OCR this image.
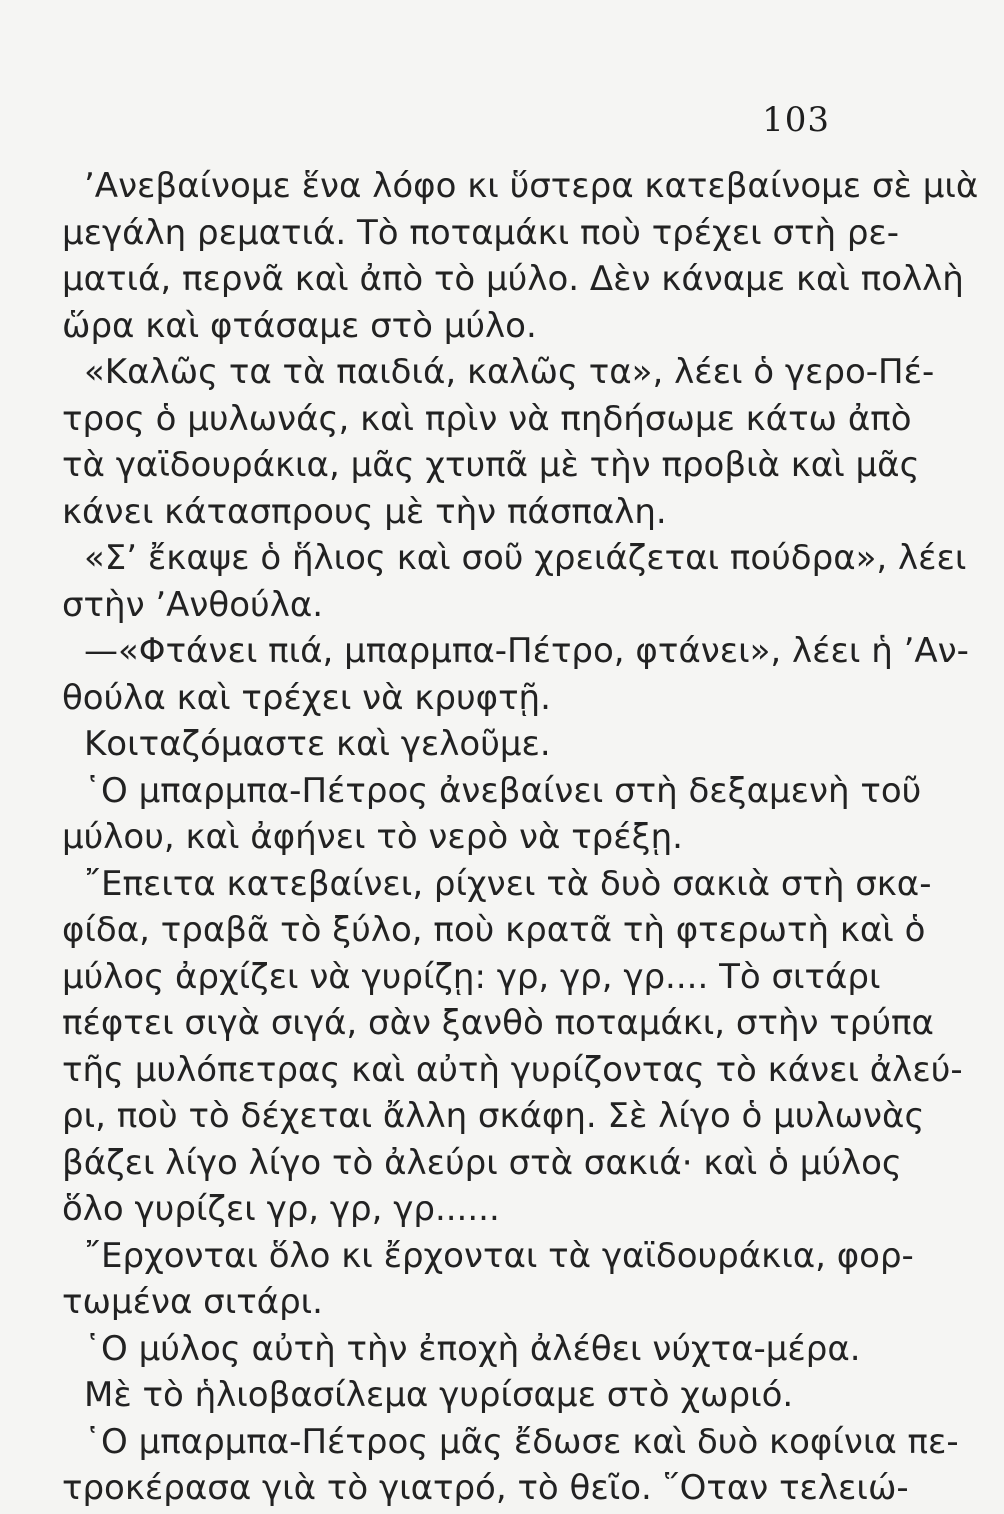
103
ʼΑνεβαίνομε ἕνα λόφο κι ὕστερα κατεβαίνομε σὲ μιὰ
μεγάλη ρεματιά. Τὸ ποταμάκι ποὺ τρέχει στὴ ρε-
ματιά, περνᾶ καὶ ἀπὸ τὸ μύλο. Δὲν κάναμε καὶ πολλὴ
ὥρα καὶ φτάσαμε στὸ μύλο.
«Καλῶς τα τὰ παιδιά, καλῶς τα», λέει ὁ γερο-Πέ-
τρος ὁ μυλωνάς, καὶ πρὶν νὰ πηδήσωμε κάτω ἀπὸ
τὰ γαϊδουράκια, μᾶς χτυπᾶ μὲ τὴν προβιὰ καὶ μᾶς
κάνει κάτασπρους μὲ τὴν πάσπαλη.
«Σʼ ἔκαψε ὁ ἥλιος καὶ σοῦ χρειάζεται πούδρα», λέει
στὴν ʼΑνθούλα.
—«Φτάνει πιά, μπαρμπα-Πέτρο, φτάνει», λέει ἡ ʼΑν-
θούλα καὶ τρέχει νὰ κρυφτῇ.
Κοιταζόμαστε καὶ γελοῦμε.
῾Ο μπαρμπα-Πέτρος ἀνεβαίνει στὴ δεξαμενὴ τοῦ
μύλου, καὶ ἀφήνει τὸ νερὸ νὰ τρέξῃ.
῎Επειτα κατεβαίνει, ρίχνει τὰ δυὸ σακιὰ στὴ σκα-
φίδα, τραβᾶ τὸ ξύλο, ποὺ κρατᾶ τὴ φτερωτὴ καὶ ὁ
μύλος ἀρχίζει νὰ γυρίζῃ: γρ, γρ, γρ.... Τὸ σιτάρι
πέφτει σιγὰ σιγά, σὰν ξανθὸ ποταμάκι, στὴν τρύπα
τῆς μυλόπετρας καὶ αὐτὴ γυρίζοντας τὸ κάνει ἀλεύ-
ρι, ποὺ τὸ δέχεται ἄλλη σκάφη. Σὲ λίγο ὁ μυλωνὰς
βάζει λίγο λίγο τὸ ἀλεύρι στὰ σακιά· καὶ ὁ μύλος
ὅλο γυρίζει γρ, γρ, γρ......
῎Ερχονται ὅλο κι ἔρχονται τὰ γαϊδουράκια, φορ-
τωμένα σιτάρι.
῾Ο μύλος αὐτὴ τὴν ἐποχὴ ἀλέθει νύχτα-μέρα.
Μὲ τὸ ἡλιοβασίλεμα γυρίσαμε στὸ χωριό.
῾Ο μπαρμπα-Πέτρος μᾶς ἔδωσε καὶ δυὸ κοφίνια πε-
τροκέρασα γιὰ τὸ γιατρό, τὸ θεῖο. ῞Οταν τελειώ-
